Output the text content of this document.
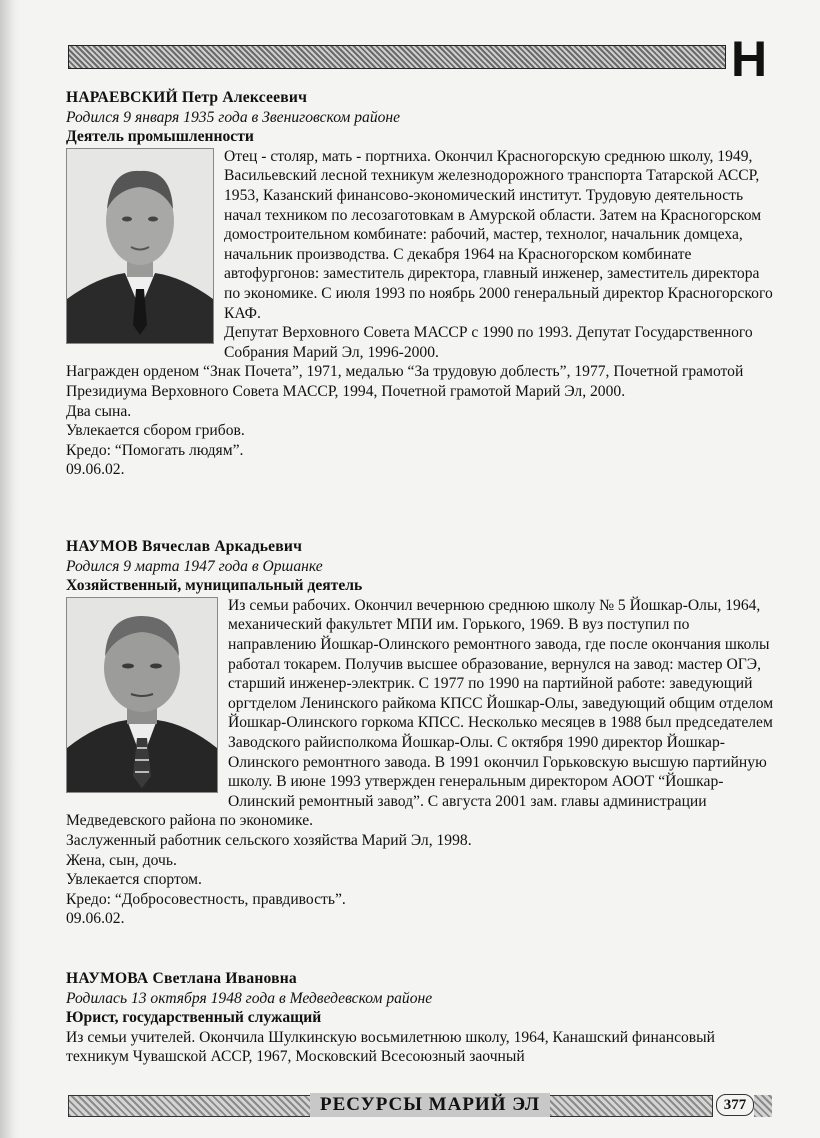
Н

НАРАЕВСКИЙ Петр Алексеевич

Родился 9 января 1935 года в Звениговском районе

Деятель промышленности

Отец - столяр, мать - портниха. Окончил Красногорскую среднюю школу, 1949, Васильевский лесной техникум железнодорожного транспорта Татарской АССР, 1953, Казанский финансово-экономический институт. Трудовую деятельность начал техником по лесозаготовкам в Амурской области. Затем на Красногорском домостроительном комбинате: рабочий, мастер, технолог, начальник домцеха, начальник производства. С декабря 1964 на Красногорском комбинате автофургонов: заместитель директора, главный инженер, заместитель директора по экономике. С июля 1993 по ноябрь 2000 генеральный директор Красногорского КАФ.

Депутат Верховного Совета МАССР с 1990 по 1993. Депутат Государственного Собрания Марий Эл, 1996-2000.

Награжден орденом “Знак Почета”, 1971, медалью “За трудовую доблесть”, 1977, Почетной грамотой Президиума Верховного Совета МАССР, 1994, Почетной грамотой Марий Эл, 2000.

Два сына.

Увлекается сбором грибов.

Кредо: “Помогать людям”.

09.06.02.

НАУМОВ Вячеслав Аркадьевич

Родился 9 марта 1947 года в Оршанке

Хозяйственный, муниципальный деятель

Из семьи рабочих. Окончил вечернюю среднюю школу № 5 Йошкар-Олы, 1964, механический факультет МПИ им. Горького, 1969. В вуз поступил по направлению Йошкар-Олинского ремонтного завода, где после окончания школы работал токарем. Получив высшее образование, вернулся на завод: мастер ОГЭ, старший инженер-электрик. С 1977 по 1990 на партийной работе: заведующий оргтделом Ленинского райкома КПСС Йошкар-Олы, заведующий общим отделом Йошкар-Олинского горкома КПСС. Несколько месяцев в 1988 был председателем Заводского райисполкома Йошкар-Олы. С октября 1990 директор Йошкар-Олинского ремонтного завода. В 1991 окончил Горьковскую высшую партийную школу. В июне 1993 утвержден генеральным директором АООТ “Йошкар-Олинский ремонтный завод”. С августа 2001 зам. главы администрации Медведевского района по экономике.

Заслуженный работник сельского хозяйства Марий Эл, 1998.

Жена, сын, дочь.

Увлекается спортом.

Кредо: “Добросовестность, правдивость”.

09.06.02.

НАУМОВА Светлана Ивановна

Родилась 13 октября 1948 года в Медведевском районе

Юрист, государственный служащий

Из семьи учителей. Окончила Шулкинскую восьмилетнюю школу, 1964, Канашский финансовый техникум Чувашской АССР, 1967, Московский Всесоюзный заочный

РЕСУРСЫ МАРИЙ ЭЛ	377
